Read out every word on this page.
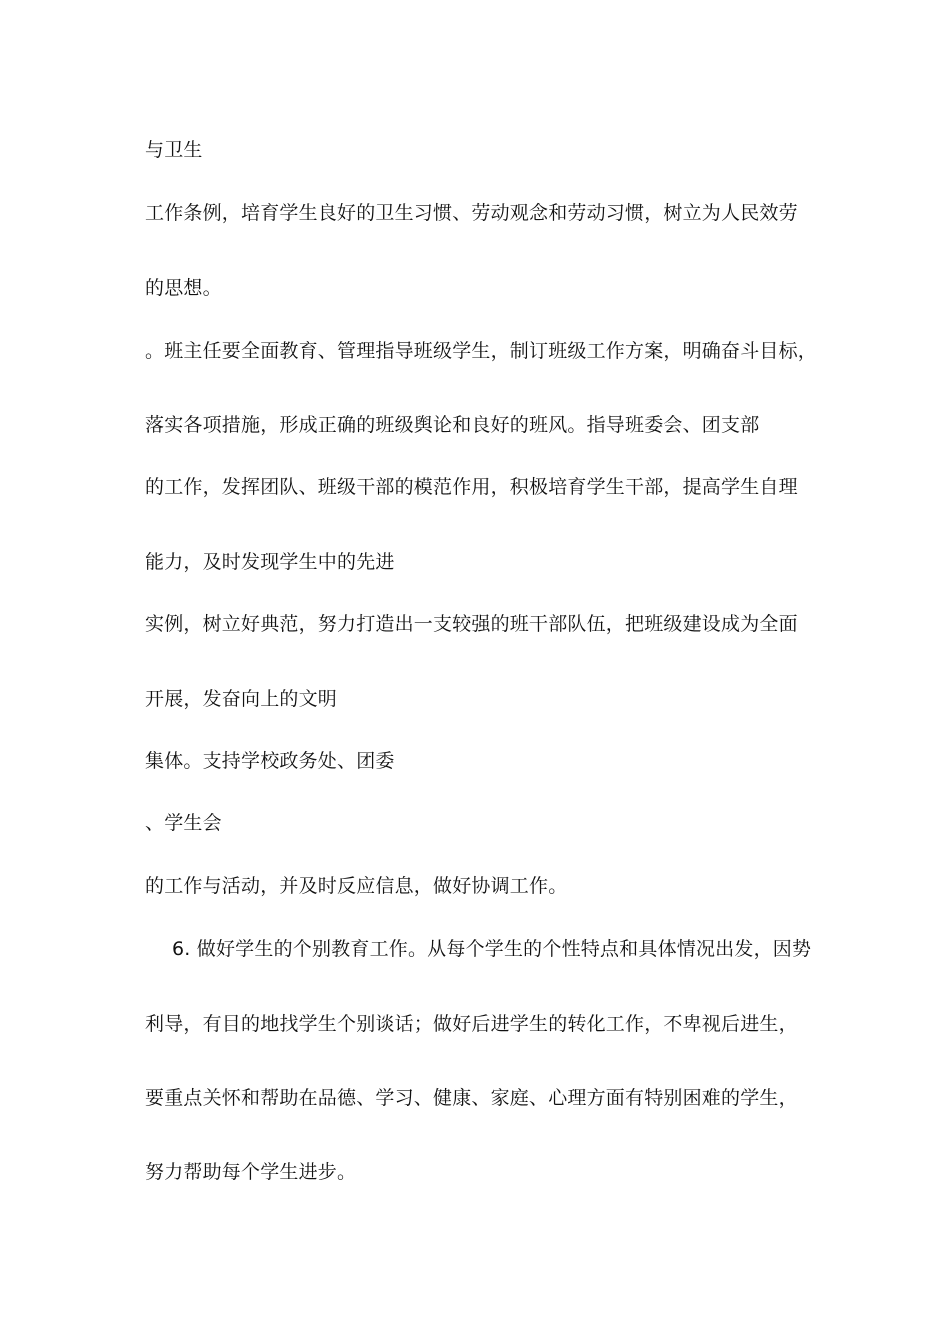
与卫生
工作条例，培育学生良好的卫生习惯、劳动观念和劳动习惯，树立为人民效劳
的思想。
。班主任要全面教育、管理指导班级学生，制订班级工作方案，明确奋斗目标，
落实各项措施，形成正确的班级舆论和良好的班风。指导班委会、团支部
的工作，发挥团队、班级干部的模范作用，积极培育学生干部，提高学生自理
能力，及时发现学生中的先进
实例，树立好典范，努力打造出一支较强的班干部队伍，把班级建设成为全面
开展，发奋向上的文明
集体。支持学校政务处、团委
、学生会
的工作与活动，并及时反应信息，做好协调工作。
6. 做好学生的个别教育工作。从每个学生的个性特点和具体情况出发，因势
利导，有目的地找学生个别谈话；做好后进学生的转化工作，不卑视后进生，
要重点关怀和帮助在品德、学习、健康、家庭、心理方面有特别困难的学生，
努力帮助每个学生进步。
